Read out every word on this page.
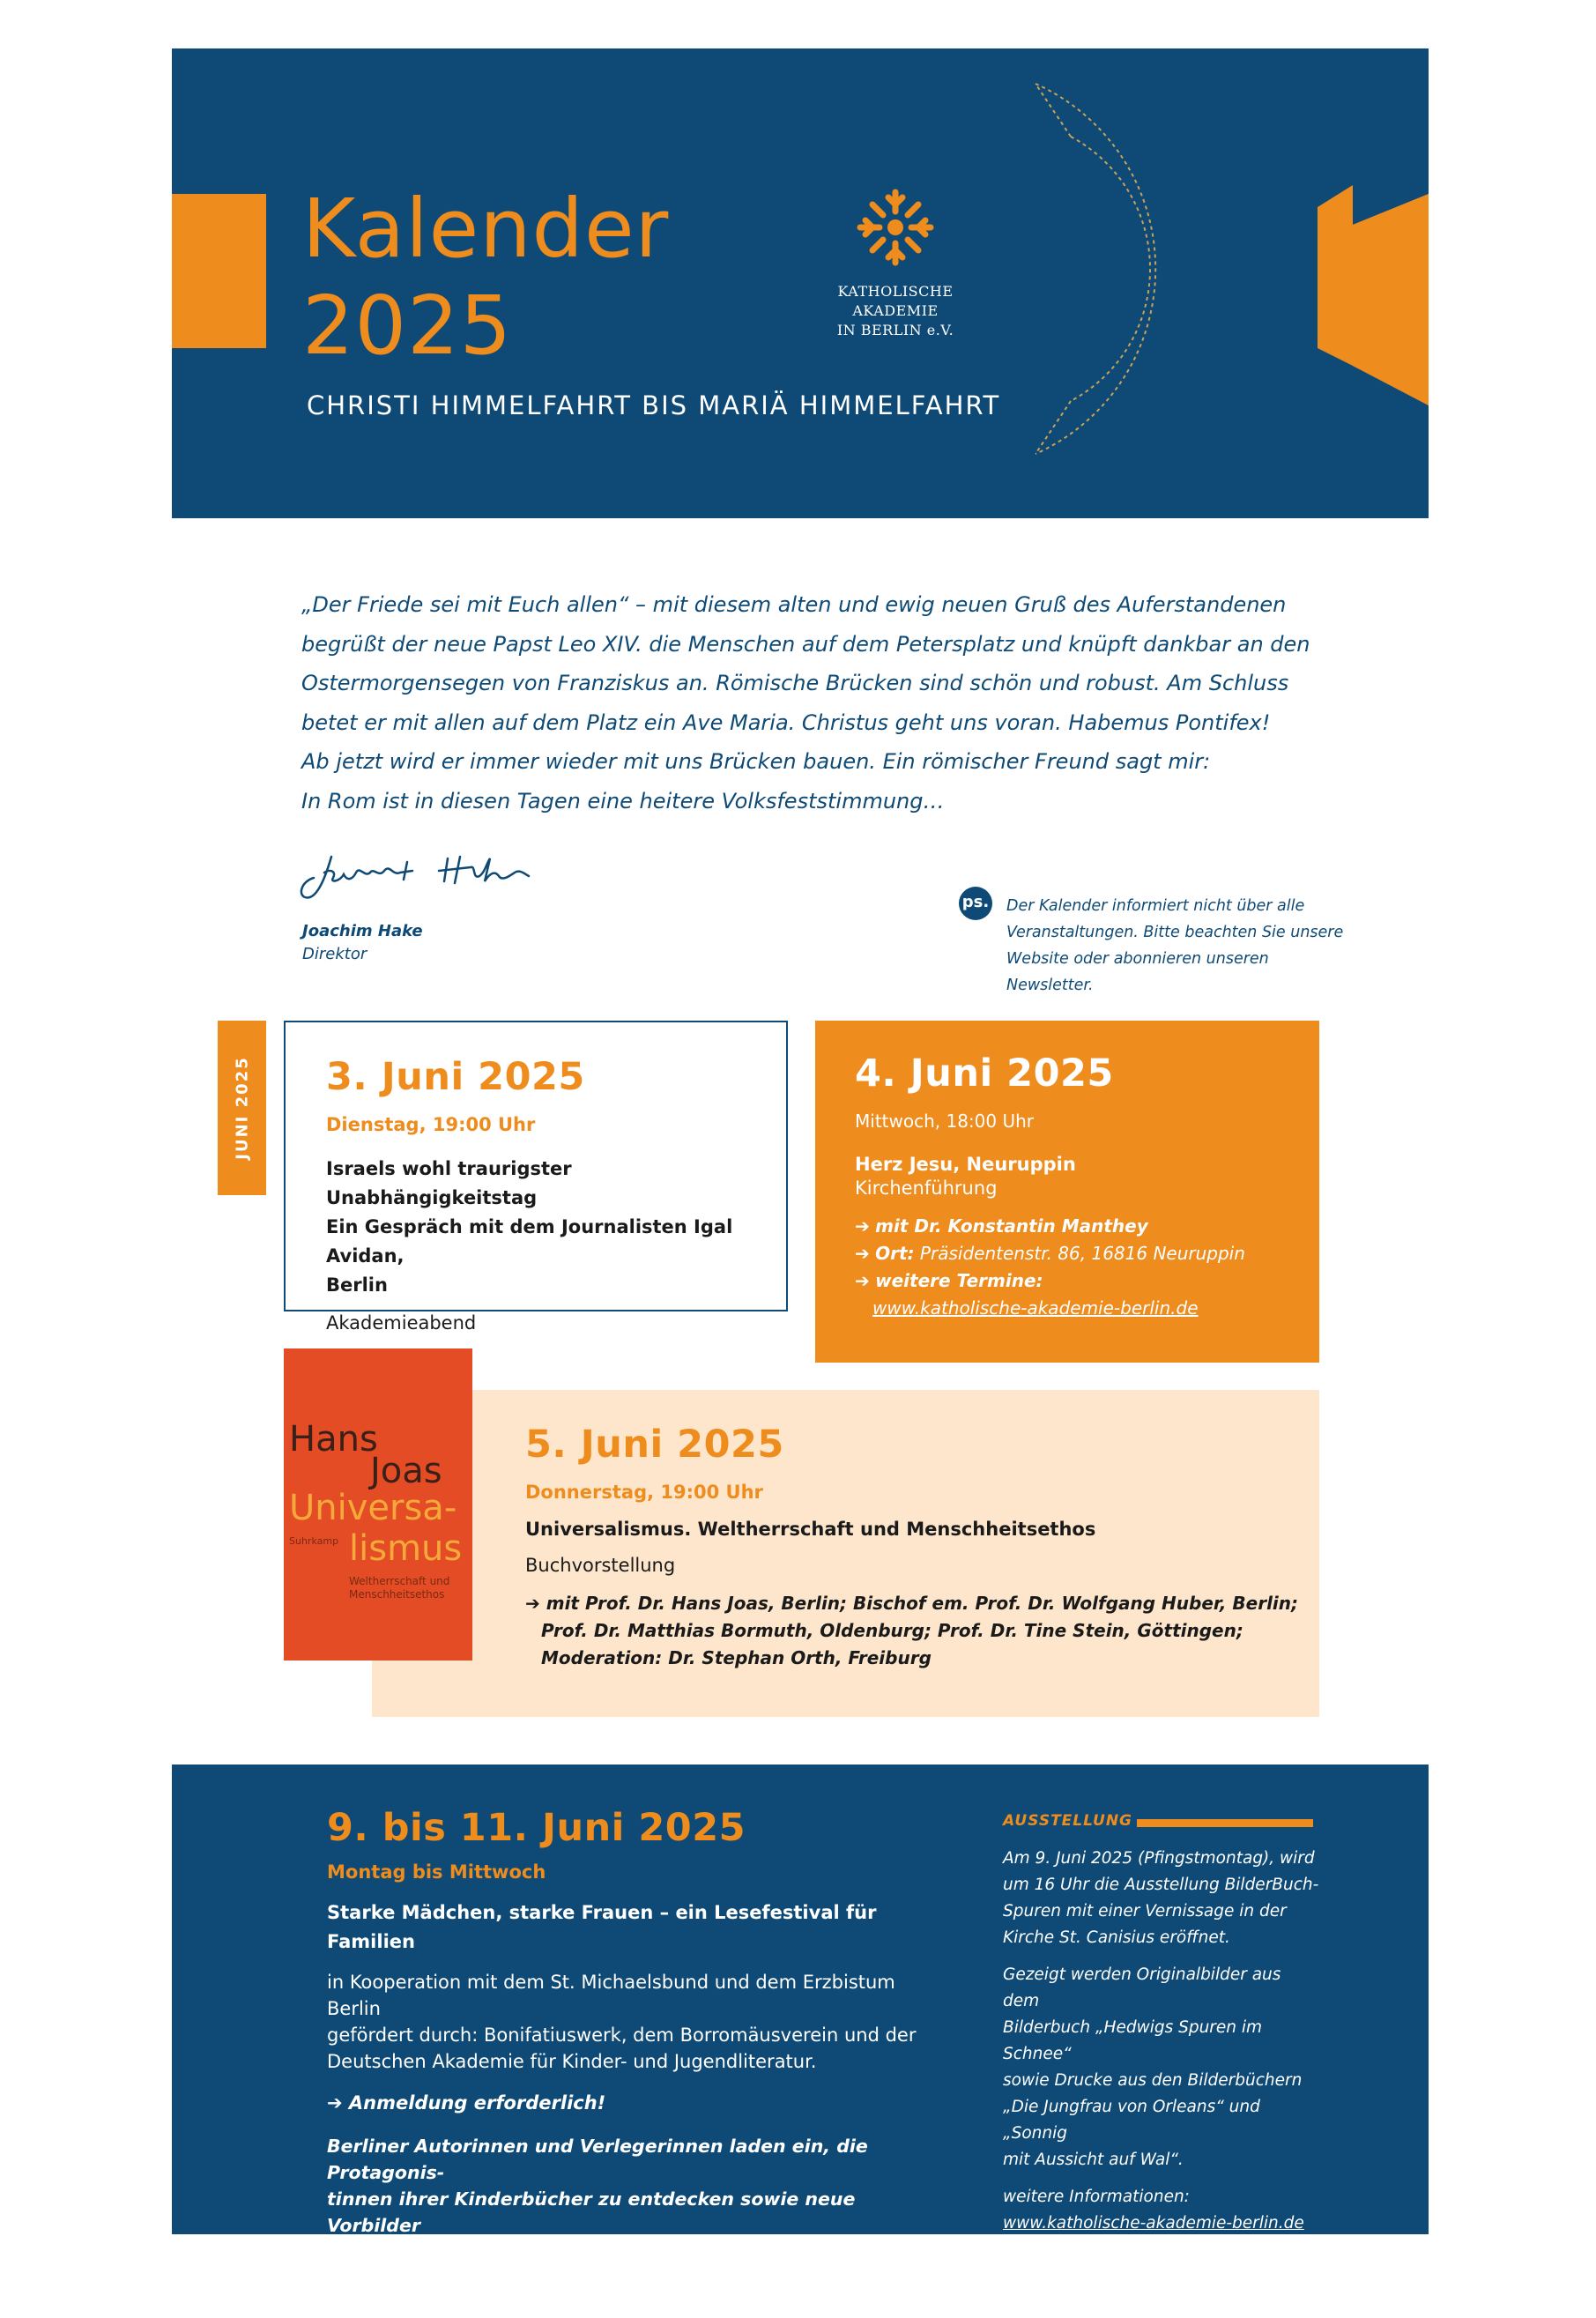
Kalender
2025
CHRISTI HIMMELFAHRT BIS MARIÄ HIMMELFAHRT
KATHOLISCHE AKADEMIE
IN BERLIN e.V.

„Der Friede sei mit Euch allen“ – mit diesem alten und ewig neuen Gruß des Auferstandenen

begrüßt der neue Papst Leo XIV. die Menschen auf dem Petersplatz und knüpft dankbar an den

Ostermorgensegen von Franziskus an. Römische Brücken sind schön und robust. Am Schluss

betet er mit allen auf dem Platz ein Ave Maria. Christus geht uns voran. Habemus Pontifex!

Ab jetzt wird er immer wieder mit uns Brücken bauen. Ein römischer Freund sagt mir:

In Rom ist in diesen Tagen eine heitere Volksfeststimmung…

Joachim Hake
Direktor
ps. Der Kalender informiert nicht über alle
Veranstaltungen. Bitte beachten Sie unsere
Website oder abonnieren unseren Newsletter.
JUNI 2025 3. Juni 2025
Dienstag, 19:00 Uhr
Israels wohl traurigster Unabhängigkeitstag
Ein Gespräch mit dem Journalisten Igal Avidan,
Berlin
Akademieabend
4. Juni 2025
Mittwoch, 18:00 Uhr
Herz Jesu, Neuruppin
Kirchenführung
➔ mit Dr. Konstantin Manthey
➔ Ort: Präsidentenstr. 86, 16816 Neuruppin
➔ weitere Termine:
www.katholische-akademie-berlin.de
5. Juni 2025
Donnerstag, 19:00 Uhr
Universalismus. Weltherrschaft und Menschheitsethos
Buchvorstellung
➔ mit Prof. Dr. Hans Joas, Berlin; Bischof em. Prof. Dr. Wolfgang Huber, Berlin;
Prof. Dr. Matthias Bormuth, Oldenburg; Prof. Dr. Tine Stein, Göttingen;
Moderation: Dr. Stephan Orth, Freiburg
Hans
Joas
Universa-
Suhrkamp lismus
Weltherrschaft und
Menschheitsethos
9. bis 11. Juni 2025
Montag bis Mittwoch
Starke Mädchen, starke Frauen – ein Lesefestival für Familien
in Kooperation mit dem St. Michaelsbund und dem Erzbistum Berlin
gefördert durch: Bonifatiuswerk, dem Borromäusverein und der
Deutschen Akademie für Kinder- und Jugendliteratur.
➔ Anmeldung erforderlich!
Berliner Autorinnen und Verlegerinnen laden ein, die Protagonis-
tinnen ihrer Kinderbücher zu entdecken sowie neue Vorbilder
kennenzulernen und sich mit der Frage von Heiligen und Helden
zu befassen.
AUSSTELLUNG
Am 9. Juni 2025 (Pfingstmontag), wird
um 16 Uhr die Ausstellung BilderBuch-
Spuren mit einer Vernissage in der
Kirche St. Canisius eröffnet.
Gezeigt werden Originalbilder aus dem
Bilderbuch „Hedwigs Spuren im Schnee“
sowie Drucke aus den Bilderbüchern
„Die Jungfrau von Orleans“ und „Sonnig
mit Aussicht auf Wal“.
weitere Informationen:
www.katholische-akademie-berlin.de
